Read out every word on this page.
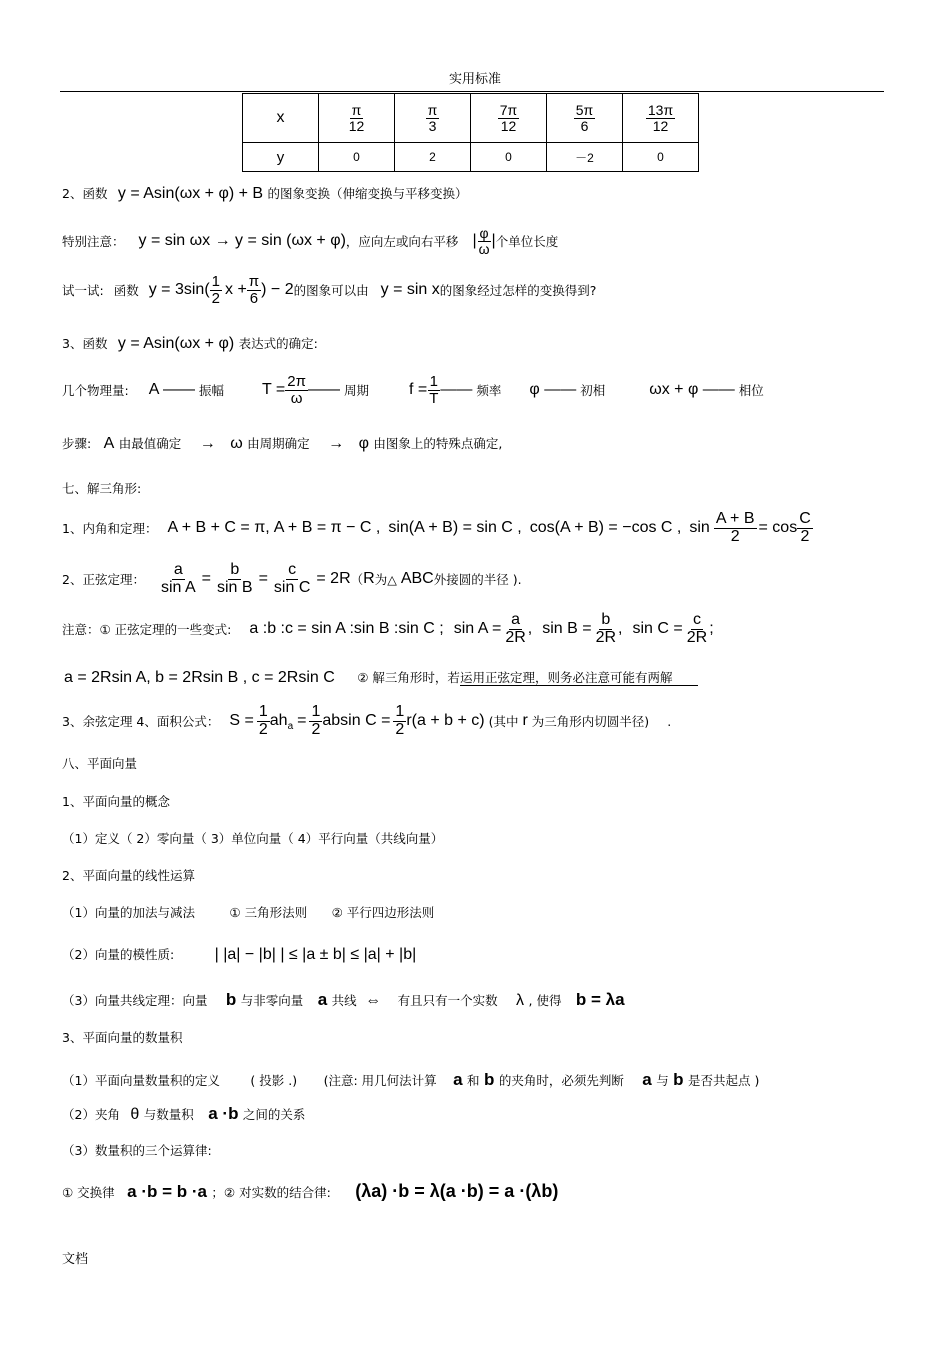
实用标准
x	$\frac{\pi}{12}$	$\frac{\pi}{3}$	$\frac{7\pi}{12}$	$\frac{5\pi}{6}$	$\frac{13\pi}{12}$

y	0	2	0	－2	0
2、函数 y = Asin(ωx + φ) + B 的图象变换（伸缩变换与平移变换）
特别注意： y = sin ωx → y = sin (ωx + φ) ，应向左或向右平移 | φ
ω | 个单位长度
试一试: 函数 y = 3sin( 1
2 $x + \frac{\pi}{6}$ ) − 2 的图象可以由 y = sin x 的图象经过怎样的变换得到?
3、函数 y = Asin(ωx + φ) 表达式的确定:
几个物理量: A —— 振幅 $T = \frac{2\pi}{\omega}$ —— 周期	$f = \frac{1}{T}$ —— 频率 φ —— 初相	ωx + φ —— 相位
步骤: A 由最值确定 → ω 由周期确定 → φ 由图象上的特殊点确定,
七、解三角形:
1、内角和定理： A + B + C = π , A + B = π − C , sin(A + B) = sin C , cos(A + B) = −cos C , $\sin \frac{A + B}{2} = \cos$
C
2
2、正弦定理： $\frac{a}{\text{sin A}} = \frac{b}{\text{sin B}} = \frac{c}{\text{sin C}} = 2R$ （ R 为△ ABC 外接圆的半径 ).
注意：① 正弦定理的一些变式: a :b :c = sin A :sin B :sin C ; $\sin A = \frac{a}{2R}$ , $\sin B = \frac{b}{2R}$ , $\sin C = \frac{c}{2R}$ ;
a = 2Rsin A, b = 2Rsin B , c = 2Rsin C ② 解三角形时，若运用正弦定理，则务必注意可能有两解
3、余弦定理 4、面积公式： $S = \frac{1}{2}$ ah $a = \frac{1}{2}$ absin $C = \frac{1}{2} r(a + b + c)$ (其中 r 为三角形内切圆半径) .
八、平面向量
1、平面向量的概念
（1）定义（ 2）零向量（ 3）单位向量（ 4）平行向量（共线向量）
2、平面向量的线性运算
（1）向量的加法与减法	① 三角形法则 ② 平行四边形法则
（2）向量的模性质:	| |a| − |b| | ≤ |a ± b| ≤ |a| + |b|
（3）向量共线定理：向量 b 与非零向量 a 共线 ⇔ 有且只有一个实数 λ , 使得 b = λa
3、平面向量的数量积
（1）平面向量数量积的定义 ( 投影 .) (注意: 用几何法计算 a 和 b 的夹角时，必须先判断 a 与 b 是否共起点 )
（2）夹角 θ 与数量积 a ·b 之间的关系
（3）数量积的三个运算律:
① 交换律 a ·b = b ·a ；② 对实数的结合律: (λa) ·b = λ(a ·b) = a ·(λb)
文档
